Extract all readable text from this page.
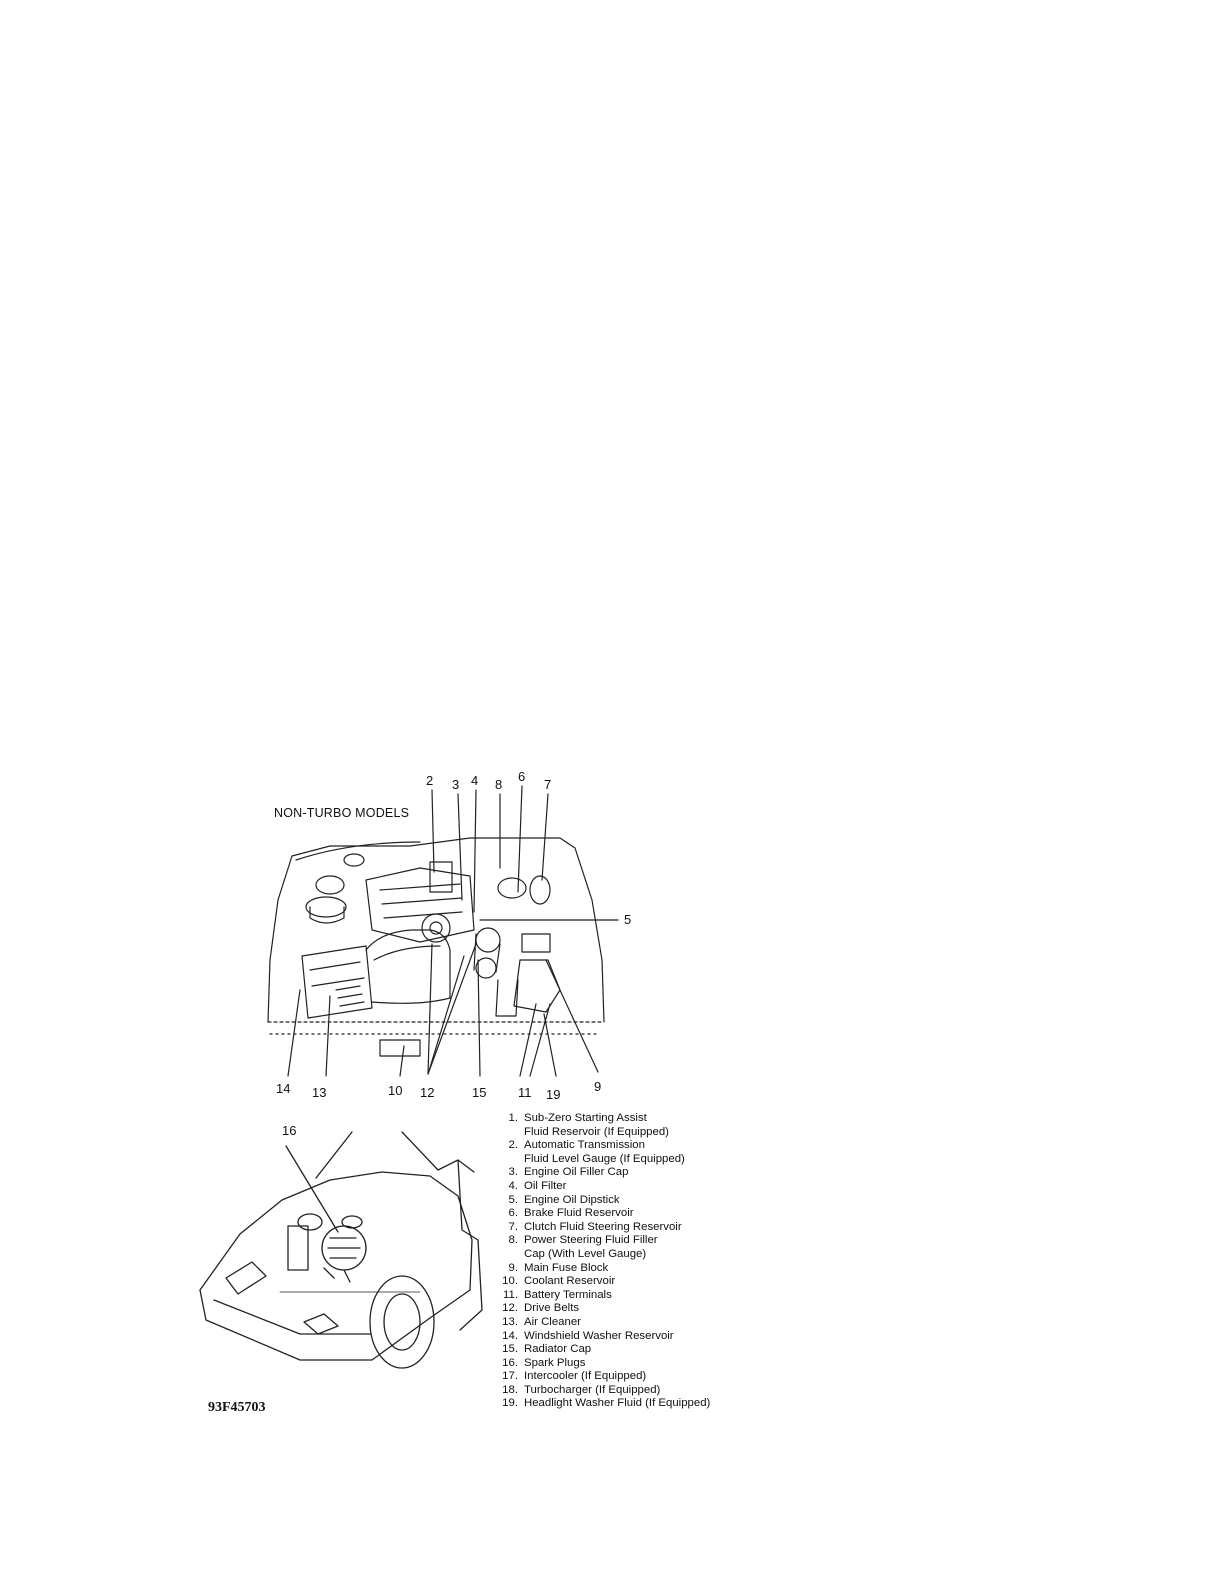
NON-TURBO MODELS
2 3 4 8
6
7
5
14 13	10 12	15 11 19
9
16
1. Sub-Zero Starting Assist
Fluid Reservoir (If Equipped)
2. Automatic Transmission
Fluid Level Gauge (If Equipped)
3. Engine Oil Filler Cap
4. Oil Filter
5. Engine Oil Dipstick
6. Brake Fluid Reservoir
7. Clutch Fluid Steering Reservoir
8. Power Steering Fluid Filler
Cap (With Level Gauge)
9. Main Fuse Block
10. Coolant Reservoir
11. Battery Terminals
12. Drive Belts
13. Air Cleaner
14. Windshield Washer Reservoir
15. Radiator Cap
16. Spark Plugs
17. Intercooler (If Equipped)
18. Turbocharger (If Equipped)
19. Headlight Washer Fluid (If Equipped)
93F45703
